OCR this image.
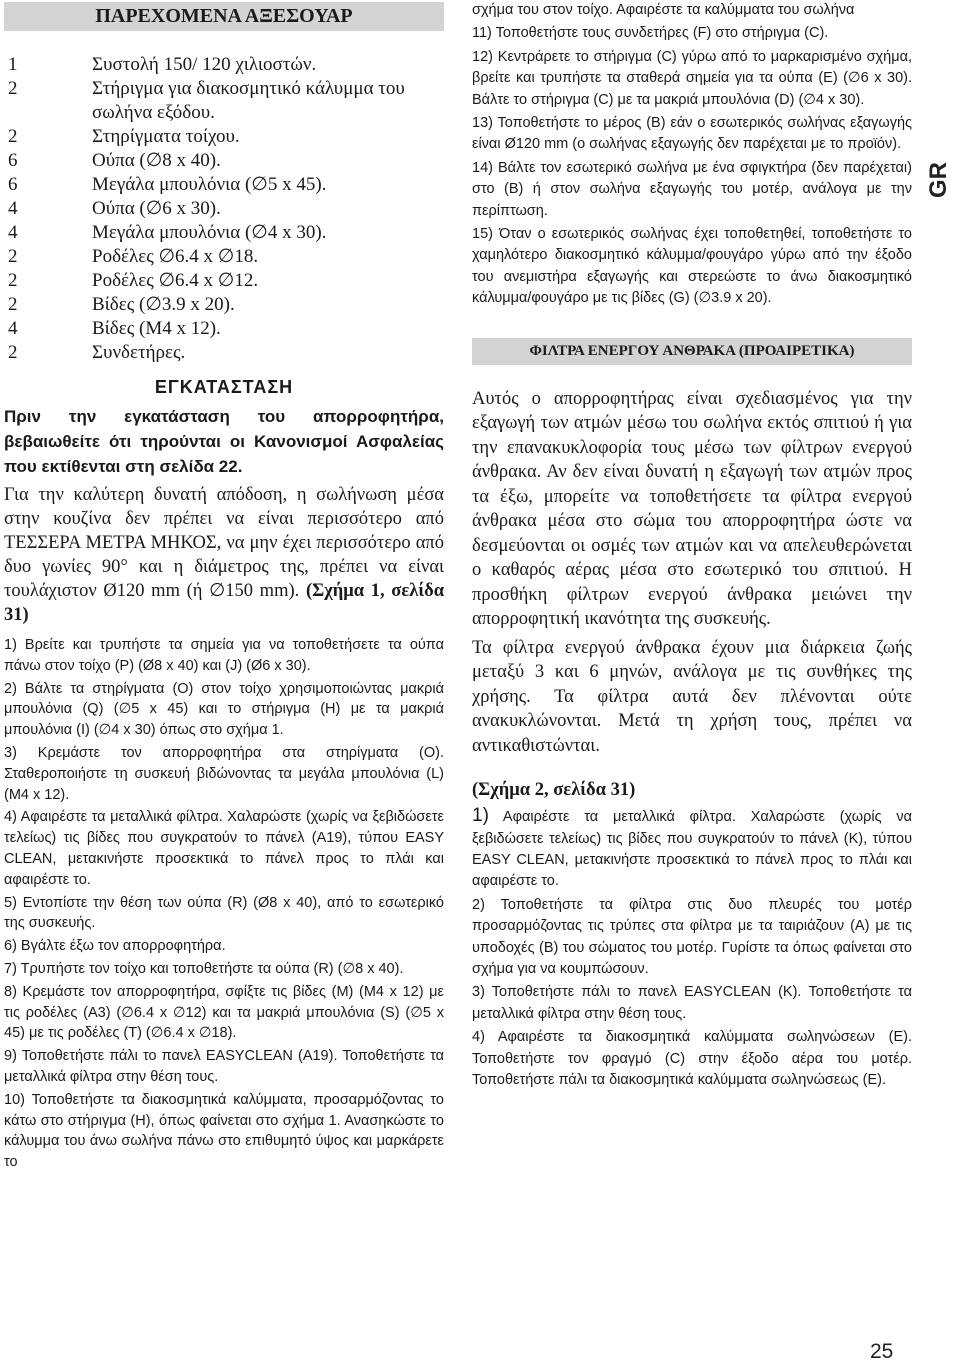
ΠΑΡΕΧΟΜΕΝΑ ΑΞΕΣΟΥΑΡ
1	Συστολή 150/ 120 χιλιοστών.
2	Στήριγμα για διακοσμητικό κάλυμμα του σωλήνα εξόδου.
2	Στηρίγματα τοίχου.
6	Ούπα (∅8 x 40).
6	Μεγάλα μπουλόνια (∅5 x 45).
4	Ούπα (∅6 x 30).
4	Μεγάλα μπουλόνια (∅4 x 30).
2	Ροδέλες ∅6.4 x ∅18.
2	Ροδέλες ∅6.4 x ∅12.
2	Βίδες (∅3.9 x 20).
4	Βίδες (M4 x 12).
2	Συνδετήρες.
ΕΓΚΑΤΑΣΤΑΣΗ

Πριν την εγκατάσταση του απορροφητήρα, βεβαιωθείτε ότι τηρούνται οι Κανονισμοί Ασφαλείας που εκτίθενται στη σελίδα 22.

Για την καλύτερη δυνατή απόδοση, η σωλήνωση μέσα στην κουζίνα δεν πρέπει να είναι περισσότερο από ΤΕΣΣΕΡΑ ΜΕΤΡΑ ΜΗΚΟΣ, να μην έχει περισσότερο από δυο γωνίες 90° και η διάμετρος της, πρέπει να είναι τουλάχιστον Ø120 mm (ή ∅150 mm). (Σχήμα 1, σελίδα 31)

1) Βρείτε και τρυπήστε τα σημεία για να τοποθετήσετε τα ούπα πάνω στον τοίχο (P) (Ø8 x 40) και (J) (Ø6 x 30).

2) Βάλτε τα στηρίγματα (O) στον τοίχο χρησιμοποιώντας μακριά μπουλόνια (Q) (∅5 x 45) και το στήριγμα (H) με τα μακριά μπουλόνια (I) (∅4 x 30) όπως στο σχήμα 1.

3) Κρεμάστε τον απορροφητήρα στα στηρίγματα (O). Σταθεροποιήστε τη συσκευή βιδώνοντας τα μεγάλα μπουλόνια (L) (M4 x 12).

4) Αφαιρέστε τα μεταλλικά φίλτρα. Χαλαρώστε (χωρίς να ξεβιδώσετε τελείως) τις βίδες που συγκρατούν το πάνελ (A19), τύπου EASY CLEAN, μετακινήστε προσεκτικά το πάνελ προς το πλάι και αφαιρέστε το.

5) Εντοπίστε την θέση των ούπα (R) (Ø8 x 40), από το εσωτερικό της συσκευής.

6) Βγάλτε έξω τον απορροφητήρα.

7) Τρυπήστε τον τοίχο και τοποθετήστε τα ούπα (R) (∅8 x 40).

8) Κρεμάστε τον απορροφητήρα, σφίξτε τις βίδες (M) (M4 x 12) με τις ροδέλες (A3) (∅6.4 x ∅12) και τα μακριά μπουλόνια (S) (∅5 x 45) με τις ροδέλες (T) (∅6.4 x ∅18).

9) Τοποθετήστε πάλι το πανελ EASYCLEAN (A19). Τοποθετήστε τα μεταλλικά φίλτρα στην θέση τους.

10) Τοποθετήστε τα διακοσμητικά καλύμματα, προσαρμόζοντας το κάτω στο στήριγμα (H), όπως φαίνεται στο σχήμα 1. Ανασηκώστε το κάλυμμα του άνω σωλήνα πάνω στο επιθυμητό ύψος και μαρκάρετε το

σχήμα του στον τοίχο. Αφαιρέστε τα καλύμματα του σωλήνα

11) Τοποθετήστε τους συνδετήρες (F) στο στήριγμα (C).

12) Κεντράρετε το στήριγμα (C) γύρω από το μαρκαρισμένο σχήμα, βρείτε και τρυπήστε τα σταθερά σημεία για τα ούπα (E) (∅6 x 30). Βάλτε το στήριγμα (C) με τα μακριά μπουλόνια (D) (∅4 x 30).

13) Τοποθετήστε το μέρος (B) εάν ο εσωτερικός σωλήνας εξαγωγής είναι Ø120 mm (ο σωλήνας εξαγωγής δεν παρέχεται με το προϊόν).

14) Βάλτε τον εσωτερικό σωλήνα με ένα σφιγκτήρα (δεν παρέχεται) στο (B) ή στον σωλήνα εξαγωγής του μοτέρ, ανάλογα με την περίπτωση.

15) Όταν ο εσωτερικός σωλήνας έχει τοποθετηθεί, τοποθετήστε το χαμηλότερο διακοσμητικό κάλυμμα/φουγάρο γύρω από την έξοδο του ανεμιστήρα εξαγωγής και στερεώστε το άνω διακοσμητικό κάλυμμα/φουγάρο με τις βίδες (G) (∅3.9 x 20).

ΦΙΛΤΡΑ ΕΝΕΡΓΟΥ ΑΝΘΡΑΚΑ (ΠΡΟΑΙΡΕΤΙΚΑ)

Αυτός ο απορροφητήρας είναι σχεδιασμένος για την εξαγωγή των ατμών μέσω του σωλήνα εκτός σπιτιού ή για την επανακυκλοφορία τους μέσω των φίλτρων ενεργού άνθρακα. Αν δεν είναι δυνατή η εξαγωγή των ατμών προς τα έξω, μπορείτε να τοποθετήσετε τα φίλτρα ενεργού άνθρακα μέσα στο σώμα του απορροφητήρα ώστε να δεσμεύονται οι οσμές των ατμών και να απελευθερώνεται ο καθαρός αέρας μέσα στο εσωτερικό του σπιτιού. Η προσθήκη φίλτρων ενεργού άνθρακα μειώνει την απορροφητική ικανότητα της συσκευής.

Τα φίλτρα ενεργού άνθρακα έχουν μια διάρκεια ζωής μεταξύ 3 και 6 μηνών, ανάλογα με τις συνθήκες της χρήσης. Τα φίλτρα αυτά δεν πλένονται ούτε ανακυκλώνονται. Μετά τη χρήση τους, πρέπει να αντικαθιστώνται.

(Σχήμα 2, σελίδα 31)

1) Αφαιρέστε τα μεταλλικά φίλτρα. Χαλαρώστε (χωρίς να ξεβιδώσετε τελείως) τις βίδες που συγκρατούν το πάνελ (K), τύπου EASY CLEAN, μετακινήστε προσεκτικά το πάνελ προς το πλάι και αφαιρέστε το.

2) Τοποθετήστε τα φίλτρα στις δυο πλευρές του μοτέρ προσαρμόζοντας τις τρύπες στα φίλτρα με τα ταιριάζουν (A) με τις υποδοχές (B) του σώματος του μοτέρ. Γυρίστε τα όπως φαίνεται στο σχήμα για να κουμπώσουν.

3) Τοποθετήστε πάλι το πανελ EASYCLEAN (K). Τοποθετήστε τα μεταλλικά φίλτρα στην θέση τους.

4) Αφαιρέστε τα διακοσμητικά καλύμματα σωληνώσεων (E). Τοποθετήστε τον φραγμό (C) στην έξοδο αέρα του μοτέρ. Τοποθετήστε πάλι τα διακοσμητικά καλύμματα σωληνώσεως (E).

GR
25
